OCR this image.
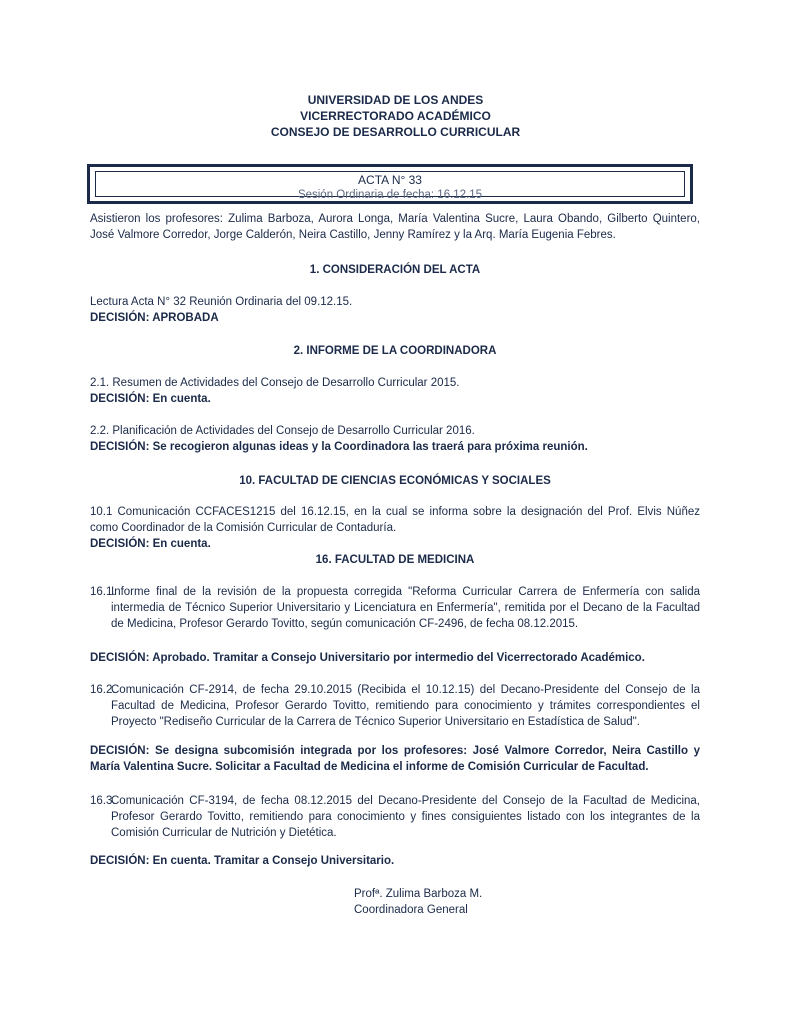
UNIVERSIDAD DE LOS ANDES
VICERRECTORADO ACADÉMICO
CONSEJO DE DESARROLLO CURRICULAR
ACTA N° 33
Sesión Ordinaria de fecha: 16.12.15
Asistieron los profesores: Zulima Barboza, Aurora Longa, María Valentina Sucre, Laura Obando, Gilberto Quintero, José Valmore Corredor, Jorge Calderón, Neira Castillo, Jenny Ramírez y la Arq. María Eugenia Febres.
1. CONSIDERACIÓN DEL ACTA
Lectura Acta N° 32 Reunión Ordinaria del 09.12.15.
DECISIÓN: APROBADA
2. INFORME DE LA COORDINADORA
2.1. Resumen de Actividades del Consejo de Desarrollo Curricular 2015.
DECISIÓN: En cuenta.
2.2. Planificación de Actividades del Consejo de Desarrollo Curricular 2016.
DECISIÓN: Se recogieron algunas ideas y la Coordinadora las traerá para próxima reunión.
10. FACULTAD DE CIENCIAS ECONÓMICAS Y SOCIALES
10.1 Comunicación CCFACES1215 del 16.12.15, en la cual se informa sobre la designación del Prof. Elvis Núñez como Coordinador de la Comisión Curricular de Contaduría.
DECISIÓN: En cuenta.
16. FACULTAD DE MEDICINA
16.1.
Informe final de la revisión de la propuesta corregida "Reforma Curricular Carrera de Enfermería con salida intermedia de Técnico Superior Universitario y Licenciatura en Enfermería", remitida por el Decano de la Facultad de Medicina, Profesor Gerardo Tovitto, según comunicación CF-2496, de fecha 08.12.2015.
DECISIÓN: Aprobado. Tramitar a Consejo Universitario por intermedio del Vicerrectorado Académico.
16.2.
Comunicación CF-2914, de fecha 29.10.2015 (Recibida el 10.12.15) del Decano-Presidente del Consejo de la Facultad de Medicina, Profesor Gerardo Tovitto, remitiendo para conocimiento y trámites correspondientes el Proyecto "Rediseño Curricular de la Carrera de Técnico Superior Universitario en Estadística de Salud".
DECISIÓN: Se designa subcomisión integrada por los profesores: José Valmore Corredor, Neira Castillo y María Valentina Sucre. Solicitar a Facultad de Medicina el informe de Comisión Curricular de Facultad.
16.3.
Comunicación CF-3194, de fecha 08.12.2015 del Decano-Presidente del Consejo de la Facultad de Medicina, Profesor Gerardo Tovitto, remitiendo para conocimiento y fines consiguientes listado con los integrantes de la Comisión Curricular de Nutrición y Dietética.
DECISIÓN: En cuenta. Tramitar a Consejo Universitario.
Profª. Zulima Barboza M.
Coordinadora General
